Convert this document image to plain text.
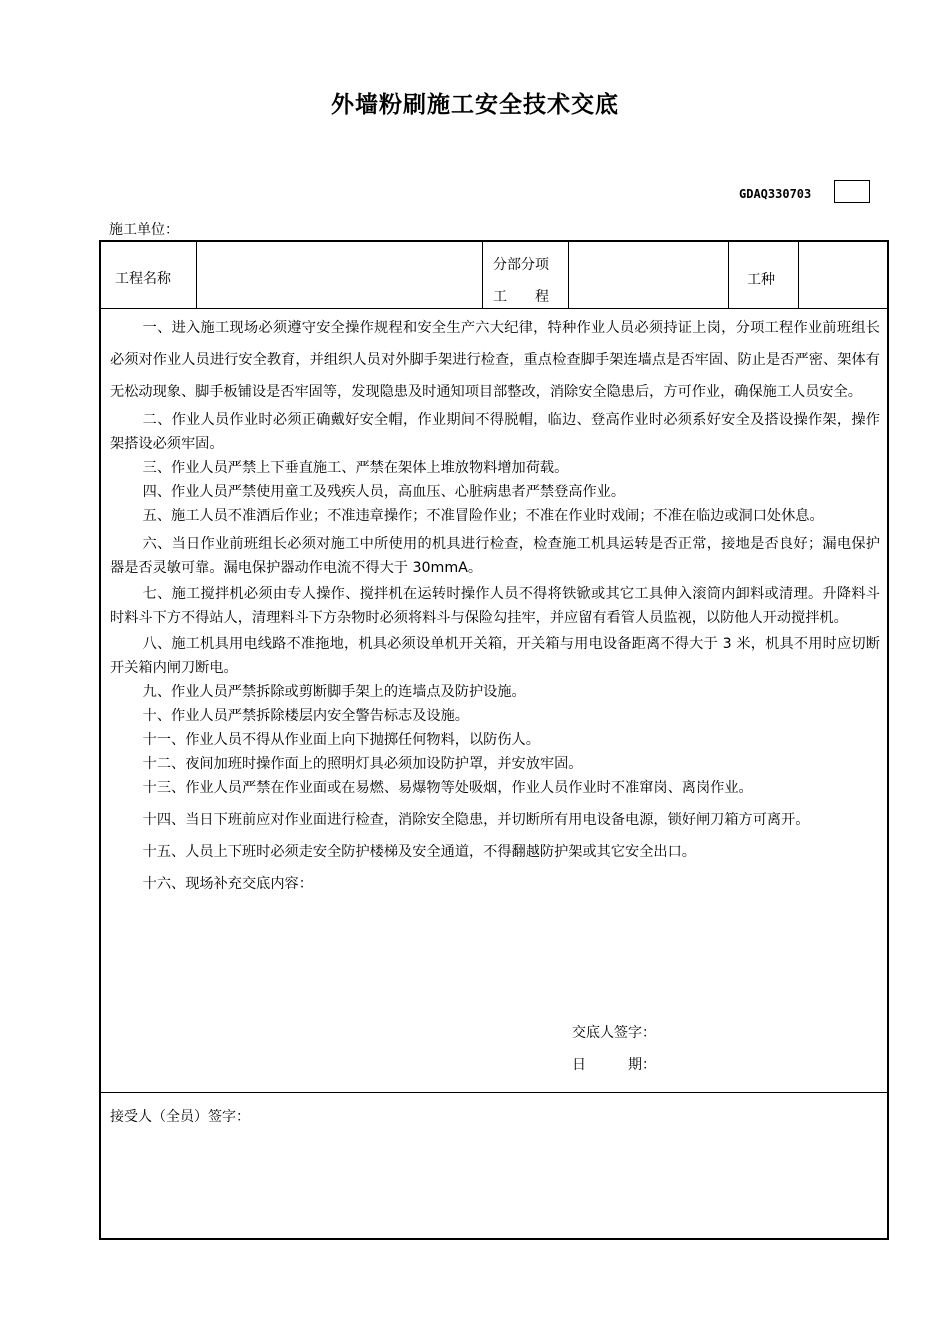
外墙粉刷施工安全技术交底
GDAQ330703
施工单位：
工程名称
分部分项
工　　程
工种

一、进入施工现场必须遵守安全操作规程和安全生产六大纪律，特种作业人员必须持证上岗，分项工程作业前班组长必须对作业人员进行安全教育，并组织人员对外脚手架进行检查，重点检查脚手架连墙点是否牢固、防止是否严密、架体有无松动现象、脚手板铺设是否牢固等，发现隐患及时通知项目部整改，消除安全隐患后，方可作业，确保施工人员安全。

二、作业人员作业时必须正确戴好安全帽，作业期间不得脱帽，临边、登高作业时必须系好安全及搭设操作架，操作架搭设必须牢固。

三、作业人员严禁上下垂直施工、严禁在架体上堆放物料增加荷载。

四、作业人员严禁使用童工及残疾人员，高血压、心脏病患者严禁登高作业。

五、施工人员不准酒后作业；不准违章操作；不准冒险作业；不准在作业时戏闹；不准在临边或洞口处休息。

六、当日作业前班组长必须对施工中所使用的机具进行检查，检查施工机具运转是否正常，接地是否良好；漏电保护器是否灵敏可靠。漏电保护器动作电流不得大于 30mmA。

七、施工搅拌机必须由专人操作、搅拌机在运转时操作人员不得将铁锨或其它工具伸入滚筒内卸料或清理。升降料斗时料斗下方不得站人，清理料斗下方杂物时必须将料斗与保险勾挂牢，并应留有看管人员监视，以防他人开动搅拌机。

八、施工机具用电线路不准拖地，机具必须设单机开关箱，开关箱与用电设备距离不得大于 3 米，机具不用时应切断开关箱内闸刀断电。

九、作业人员严禁拆除或剪断脚手架上的连墙点及防护设施。

十、作业人员严禁拆除楼层内安全警告标志及设施。

十一、作业人员不得从作业面上向下抛掷任何物料，以防伤人。

十二、夜间加班时操作面上的照明灯具必须加设防护罩，并安放牢固。

十三、作业人员严禁在作业面或在易燃、易爆物等处吸烟，作业人员作业时不准窜岗、离岗作业。

十四、当日下班前应对作业面进行检查，消除安全隐患，并切断所有用电设备电源，锁好闸刀箱方可离开。

十五、人员上下班时必须走安全防护楼梯及安全通道，不得翻越防护架或其它安全出口。

十六、现场补充交底内容：

交底人签字：
日　　　期：
接受人（全员）签字：
